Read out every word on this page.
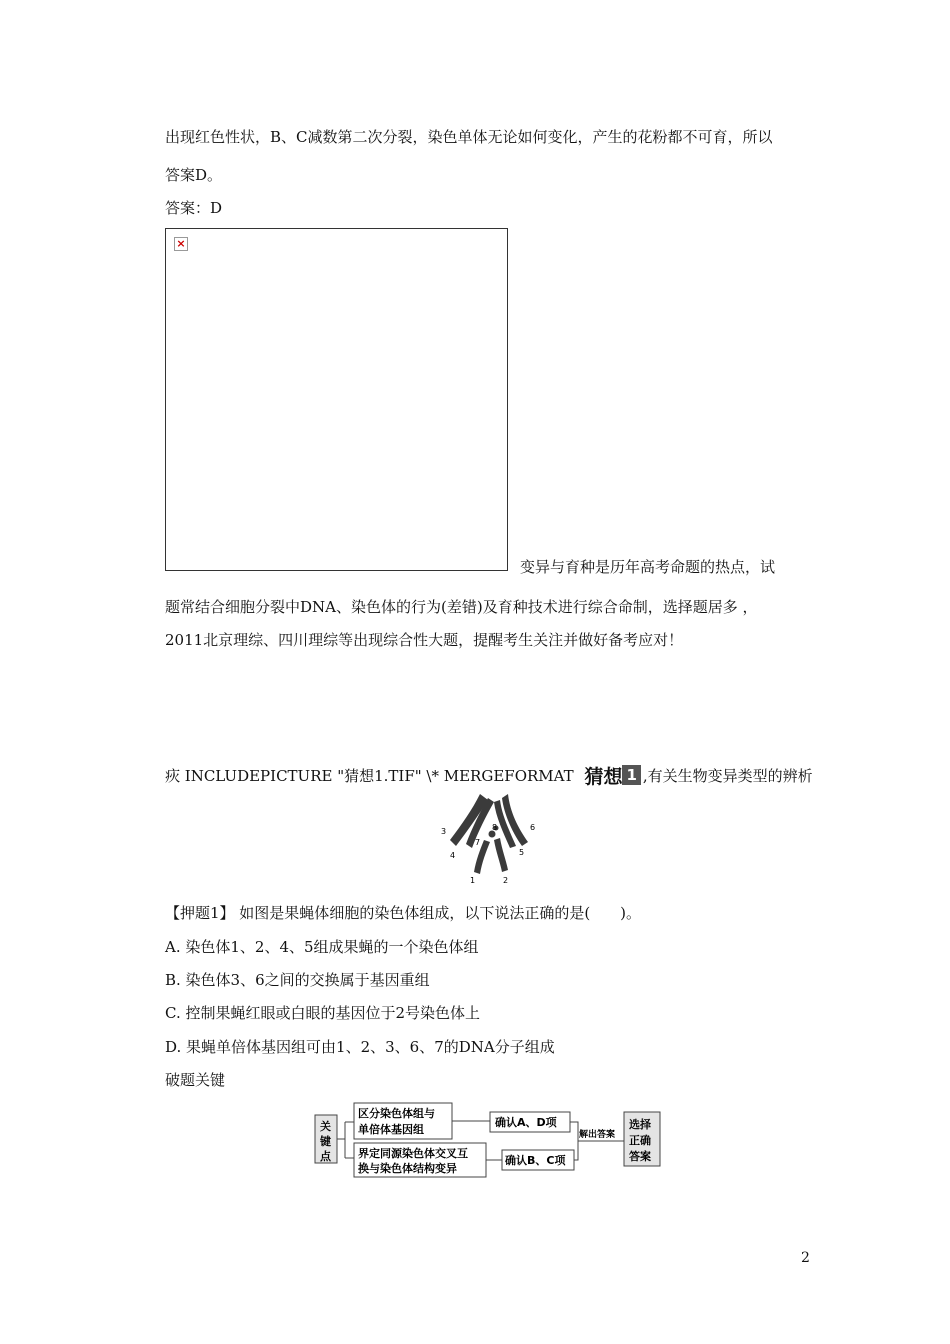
出现红色性状，B、C减数第二次分裂，染色单体无论如何变化，产生的花粉都不可育，所以
答案D。
答案：D
×
变异与育种是历年高考命题的热点，试
题常结合细胞分裂中DNA、染色体的行为(差错)及育种技术进行综合命制，选择题居多 ，
2011北京理综、四川理综等出现综合性大题，提醒考生关注并做好备考应对！
疢 INCLUDEPICTURE "猜想1.TIF" \* MERGEFORMAT 猜想 1 ,有关生物变异类型的辨析
1	2
3
4	5
6
7
8
【押题1】 如图是果蝇体细胞的染色体组成，以下说法正确的是(　　)。
A. 染色体1、2、4、5组成果蝇的一个染色体组
B. 染色体3、6之间的交换属于基因重组
C. 控制果蝇红眼或白眼的基因位于2号染色体上
D. 果蝇单倍体基因组可由1、2、3、6、7的DNA分子组成
破题关键
关
键
点
区分染色体组与
单倍体基因组
界定同源染色体交叉互
换与染色体结构变异
确认A、D项
确认B、C项
解出答案
选择
正确
答案
2
